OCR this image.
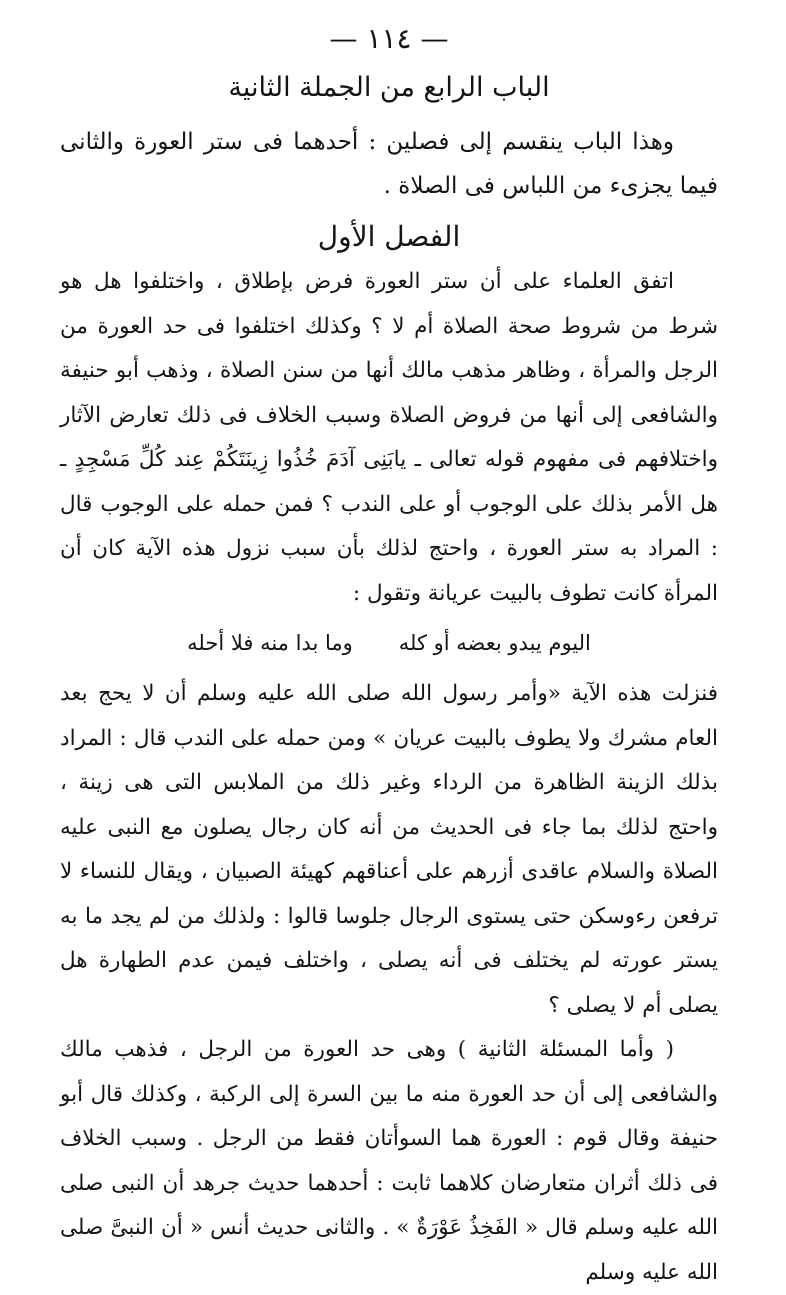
— ١١٤ —
الباب الرابع من الجملة الثانية
وهذا الباب ينقسم إلى فصلين : أحدهما فى ستر العورة والثانى فيما يجزىء من اللباس فى الصلاة .
الفصل الأول

اتفق العلماء على أن ستر العورة فرض بإطلاق ، واختلفوا هل هو شرط من شروط صحة الصلاة أم لا ؟ وكذلك اختلفوا فى حد العورة من الرجل والمرأة ، وظاهر مذهب مالك أنها من سنن الصلاة ، وذهب أبو حنيفة والشافعى إلى أنها من فروض الصلاة وسبب الخلاف فى ذلك تعارض الآثار واختلافهم فى مفهوم قوله تعالى ـ يابَنِى آدَمَ خُذُوا زِينَتَكُمْ عِند كُلِّ مَسْجِدٍ ـ هل الأمر بذلك على الوجوب أو على الندب ؟ فمن حمله على الوجوب قال : المراد به ستر العورة ، واحتج لذلك بأن سبب نزول هذه الآية كان أن المرأة كانت تطوف بالبيت عريانة وتقول :

اليوم يبدو بعضه أو كله
وما بدا منه فلا أحله

فنزلت هذه الآية «وأمر رسول الله صلى الله عليه وسلم أن لا يحج بعد العام مشرك ولا يطوف بالبيت عريان » ومن حمله على الندب قال : المراد بذلك الزينة الظاهرة من الرداء وغير ذلك من الملابس التى هى زينة ، واحتج لذلك بما جاء فى الحديث من أنه كان رجال يصلون مع النبى عليه الصلاة والسلام عاقدى أزرهم على أعناقهم كهيئة الصبيان ، ويقال للنساء لا ترفعن رءوسكن حتى يستوى الرجال جلوسا قالوا : ولذلك من لم يجد ما به يستر عورته لم يختلف فى أنه يصلى ، واختلف فيمن عدم الطهارة هل يصلى أم لا يصلى ؟

( وأما المسئلة الثانية ) وهى حد العورة من الرجل ، فذهب مالك والشافعى إلى أن حد العورة منه ما بين السرة إلى الركبة ، وكذلك قال أبو حنيفة وقال قوم : العورة هما السوأتان فقط من الرجل . وسبب الخلاف فى ذلك أثران متعارضان كلاهما ثابت : أحدهما حديث جرهد أن النبى صلى الله عليه وسلم قال « الفَخِذُ عَوْرَةٌ » . والثانى حديث أنس « أن النبىَّ صلى الله عليه وسلم
